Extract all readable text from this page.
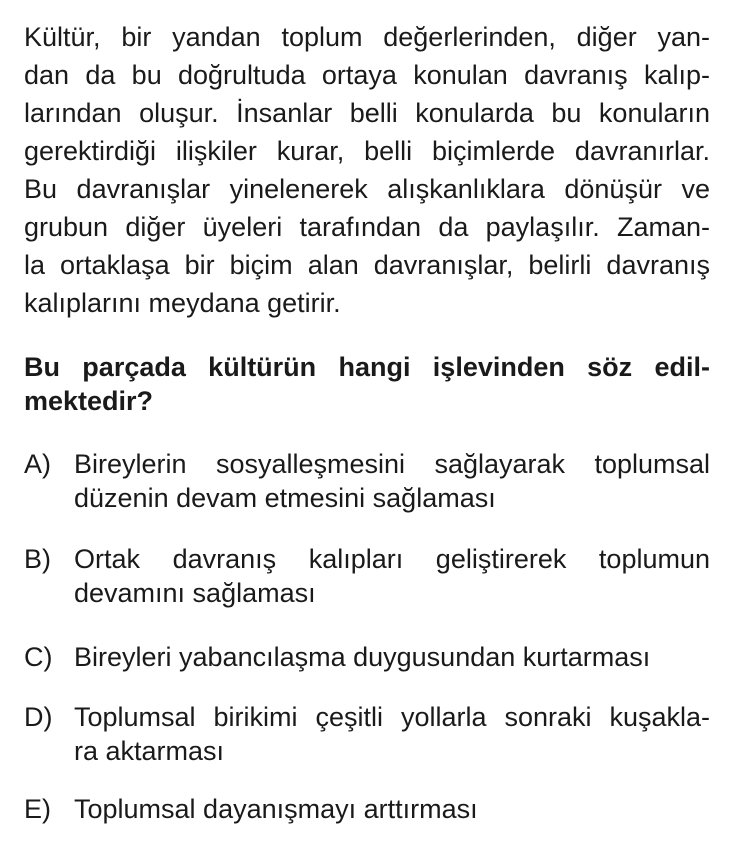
Kültür, bir yandan toplum değerlerinden, diğer yan-

dan da bu doğrultuda ortaya konulan davranış kalıp-

larından oluşur. İnsanlar belli konularda bu konuların

gerektirdiği ilişkiler kurar, belli biçimlerde davranırlar.

Bu davranışlar yinelenerek alışkanlıklara dönüşür ve

grubun diğer üyeleri tarafından da paylaşılır. Zaman-

la ortaklaşa bir biçim alan davranışlar, belirli davranış

kalıplarını meydana getirir.

Bu parçada kültürün hangi işlevinden söz edil-
mektedir?
A) Bireylerin sosyalleşmesini sağlayarak toplumsal
düzenin devam etmesini sağlaması
B) Ortak davranış kalıpları geliştirerek toplumun
devamını sağlaması
C) Bireyleri yabancılaşma duygusundan kurtarması
D) Toplumsal birikimi çeşitli yollarla sonraki kuşakla-
ra aktarması
E) Toplumsal dayanışmayı arttırması
